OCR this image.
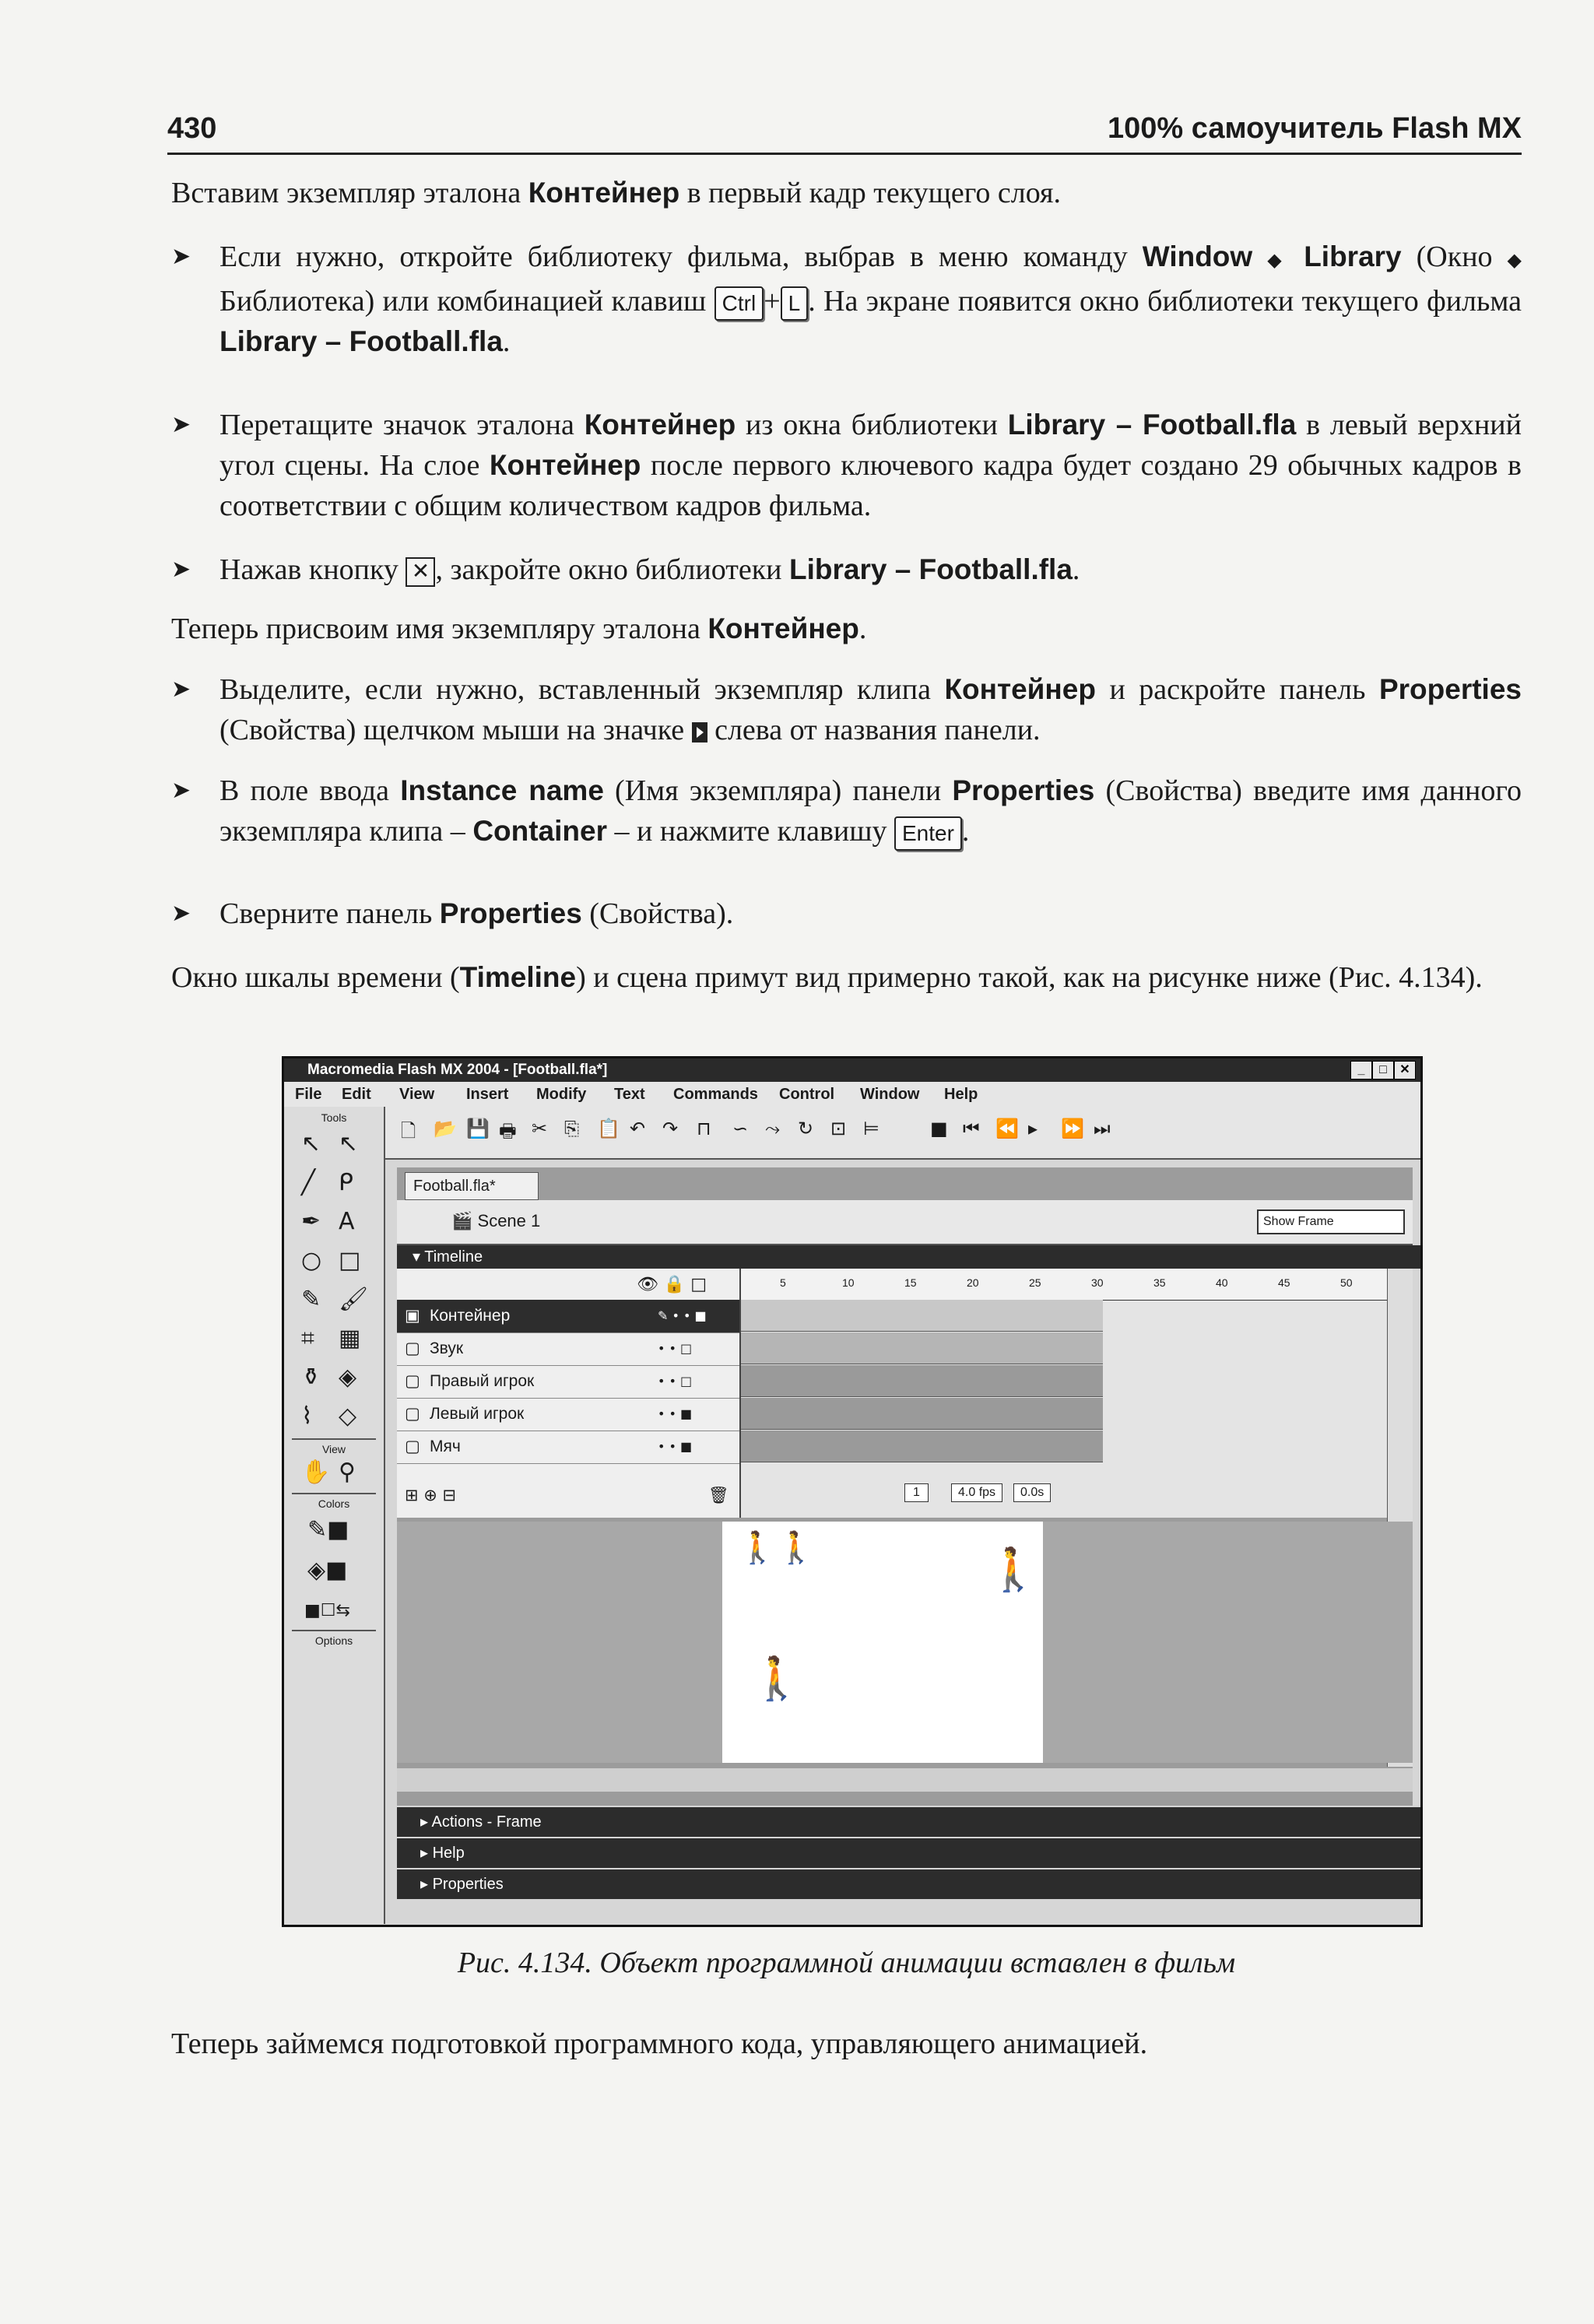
430	100% самоучитель Flash MX
Вставим экземпляр эталона Контейнер в первый кадр текущего слоя.
➤ Если нужно, откройте библиотеку фильма, выбрав в меню команду Window ◆ Library (Окно ◆ Библиотека) или комбинацией клавиш Ctrl + L . На экране появится окно библиотеки текущего фильма Library – Football.fla.
➤ Перетащите значок эталона Контейнер из окна библиотеки Library – Football.fla в левый верхний угол сцены. На слое Контейнер после первого ключевого кадра будет создано 29 обычных кадров в соответствии с общим количеством кадров фильма.
➤ Нажав кнопку ✕ , закройте окно библиотеки Library – Football.fla.
Теперь присвоим имя экземпляру эталона Контейнер.
➤ Выделите, если нужно, вставленный экземпляр клипа Контейнер и раскройте панель Properties (Свойства) щелчком мыши на значке  слева от названия панели.
➤ В поле ввода Instance name (Имя экземпляра) панели Properties (Свойства) введите имя данного экземпляра клипа – Container – и нажмите клавишу Enter .
➤ Сверните панель Properties (Свойства).
Окно шкалы времени (Timeline) и сцена примут вид примерно такой, как на рисунке ниже (Рис. 4.134).
Macromedia Flash MX 2004 - [Football.fla*]	_	□	✕
File Edit View Insert Modify Text Commands Control Window Help
Tools
↖ ↖
╱ ᑭ
✒ A
○ □
✎ 🖌
⌗ ▦
⚱ ◈
⌇ ◇
View
✋ ⚲
Colors
✎■
◈■
■☐⇆
Options
🗋 📂 💾 🖶 ✂ ⎘ 📋 ↶ ↷ ⊓ ∽ ⤳ ↻ ⊡ ⊨	■ ⏮ ⏪ ▸ ⏩ ⏭
Football.fla*
🎬 Scene 1	Show Frame
▾ Timeline
👁 🔒 □
▣ Контейнер	✎ • • ■
▢ Звук	• • □
▢ Правый игрок	• • □
▢ Левый игрок	• • ■
▢ Мяч	• • ■
⊞ ⊕ ⊟	🗑
5	10	15	20	25	30	35	40	45	50
1	4.0 fps	0.0s
🚶🚶	🚶
🚶
▸ Actions - Frame
▸ Help
▸ Properties
Рис. 4.134. Объект программной анимации вставлен в фильм
Теперь займемся подготовкой программного кода, управляющего анимацией.
